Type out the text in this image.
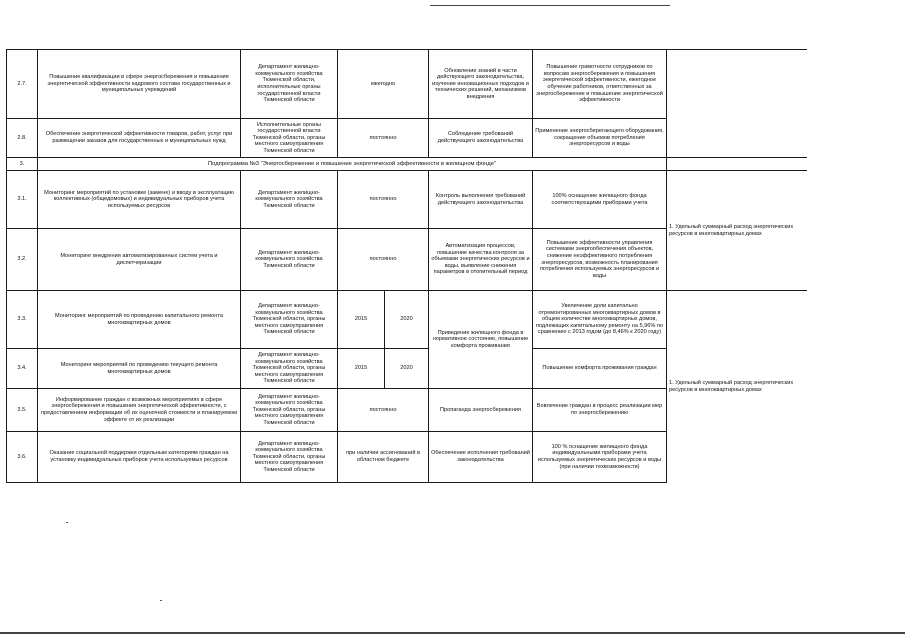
2.7.	Повышение квалификации в сфере энергосбережения и повышения энергетической эффективности кадрового состава государственных и муниципальных учреждений	Департамент жилищно-коммунального хозяйства Тюменской области, исполнительные органы государственной власти Тюменской области	ежегодно		Обновление знаний в части действующего законодательства, изучение инновационных подходов и технических решений, механизмов внедрения	Повышение грамотности сотрудников по вопросам энергосбережения и повышения энергетической эффективности, ежегодное обучение работников, ответственных за энергосбережение и повышение энергетической эффективности		
2.8.	Обеспечение энергетической эффективности товаров, работ, услуг при размещении заказов для государственных и муниципальных нужд	Исполнительные органы государственной власти Тюменской области, органы местного самоуправления Тюменской области	постоянно		Соблюдение требований действующего законодательства	Применение энергосберегающего оборудования, сокращение объемов потребления энергоресурсов и воды		
3.	Подпрограмма №3 "Энергосбережение и повышение энергетической эффективности в жилищном фонде"							
3.1.	Мониторинг мероприятий по установке (замене) и вводу в эксплуатацию коллективных (общедомовых) и индивидуальных приборов учета используемых ресурсов	Департамент жилищно-коммунального хозяйства Тюменской области	постоянно		Контроль выполнения требований действующего законодательства	100% оснащение жилищного фонда соответствующими приборами учета	1. Удельный суммарный расход энергетических ресурсов в многоквартирных домах	
3.2.	Мониторинг внедрения автоматизированных систем учета и диспетчеризации	Департамент жилищно-коммунального хозяйства Тюменской области	постоянно		Автоматизация процессов, повышение качества контроля за объемами энергетических ресурсов и воды, выявление снижения параметров в отопительный период	Повышение эффективности управления системами энергообеспечения объектов, снижение неэффективного потребления энергоресурсов, возможность планирования потребления используемых энергоресурсов и воды		
3.3.	Мониторинг мероприятий по проведению капитального ремонта многоквартирных домов	Департамент жилищно-коммунального хозяйства Тюменской области, органы местного самоуправления Тюменской области	2015	2020	Приведение жилищного фонда в нормативное состояние, повышение комфорта проживания	Увеличение доли капитально отремонтированных многоквартирных домов в общем количестве многоквартирных домов, подлежащих капитальному ремонту на 5,96% по сравнению с 2013 годом (до 8,46% к 2020 году)	1. Удельный суммарный расход энергетических ресурсов в многоквартирных домах	
3.4.	Мониторинг мероприятий по проведению текущего ремонта многоквартирных домов	Департамент жилищно-коммунального хозяйства Тюменской области, органы местного самоуправления Тюменской области	2015	2020		Повышение комфорта проживания граждан		
3.5.	Информирование граждан о возможных мероприятиях в сфере энергосбережения и повышения энергетической эффективности, с предоставлением информации об их оценочной стоимости и планируемом эффекте от их реализации	Департамент жилищно-коммунального хозяйства Тюменской области, органы местного самоуправления Тюменской области	постоянно		Пропаганда энергосбережения	Вовлечение граждан в процесс реализации мер по энергосбережению		
3.6.	Оказание социальной поддержки отдельным категориям граждан на установку индивидуальных приборов учета используемых ресурсов	Департамент жилищно-коммунального хозяйства Тюменской области, органы местного самоуправления Тюменской области	при наличии ассигнований в областном бюджете		Обеспечение исполнения требований законодательства	100 % оснащение жилищного фонда индивидуальными приборами учета используемых энергетических ресурсов и воды (при наличии техвозможности)		
